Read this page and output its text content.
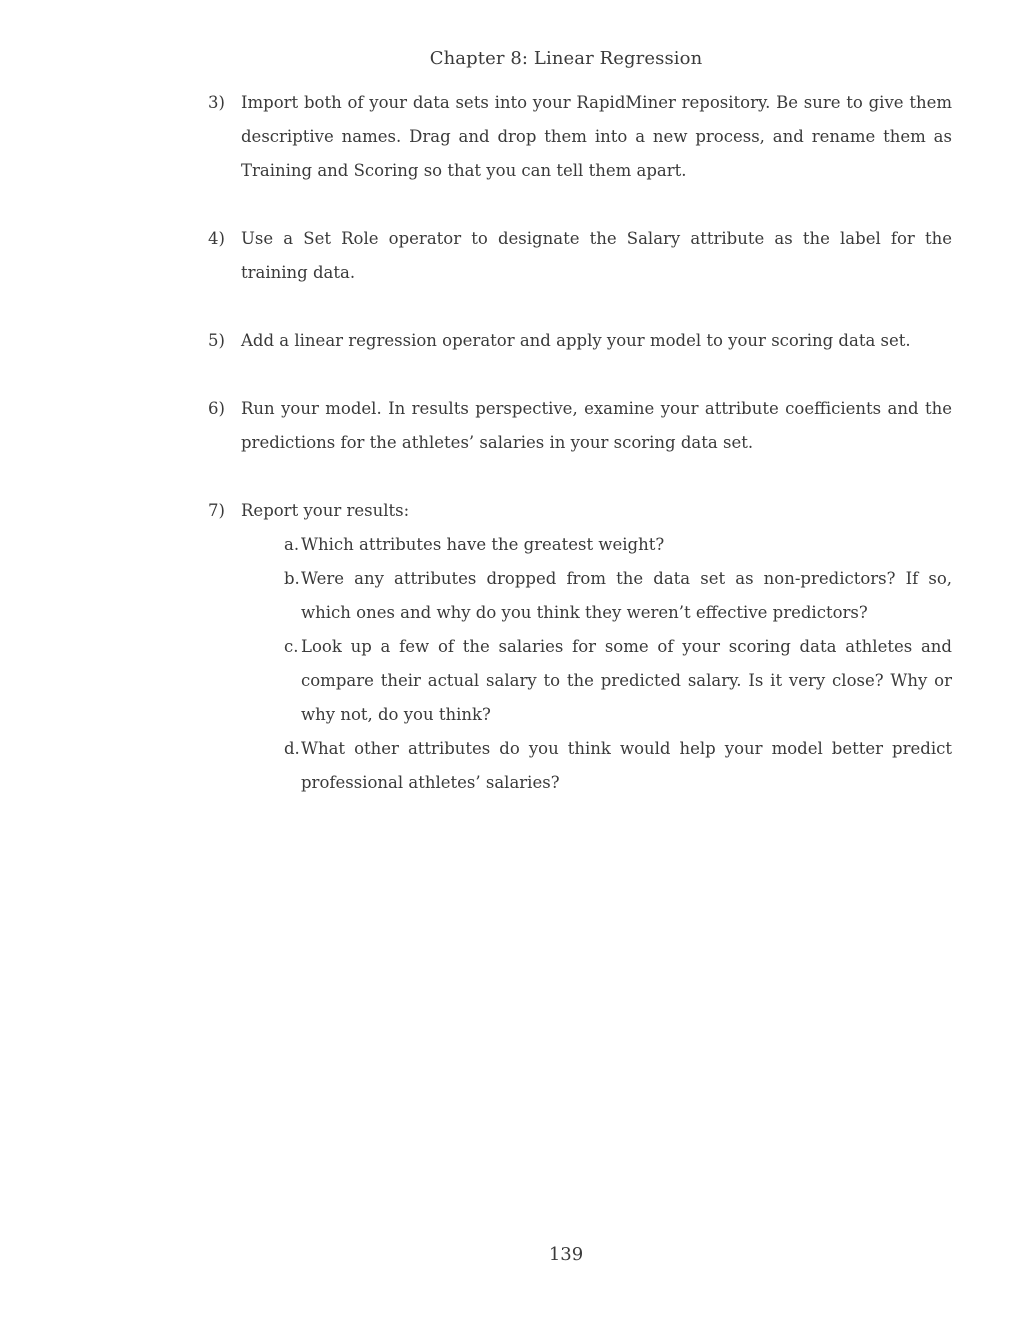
Chapter 8: Linear Regression
3) Import both of your data sets into your RapidMiner repository. Be sure to give them descriptive names. Drag and drop them into a new process, and rename them as Training and Scoring so that you can tell them apart.
4) Use a Set Role operator to designate the Salary attribute as the label for the training data.
5) Add a linear regression operator and apply your model to your scoring data set.
6) Run your model. In results perspective, examine your attribute coefficients and the predictions for the athletes’ salaries in your scoring data set.
7) Report your results:
a. Which attributes have the greatest weight?
b.Were any attributes dropped from the data set as non-predictors? If so, which ones and why do you think they weren’t effective predictors?
c. Look up a few of the salaries for some of your scoring data athletes and compare their actual salary to the predicted salary. Is it very close? Why or why not, do you think?
d.What other attributes do you think would help your model better predict professional athletes’ salaries?
139
